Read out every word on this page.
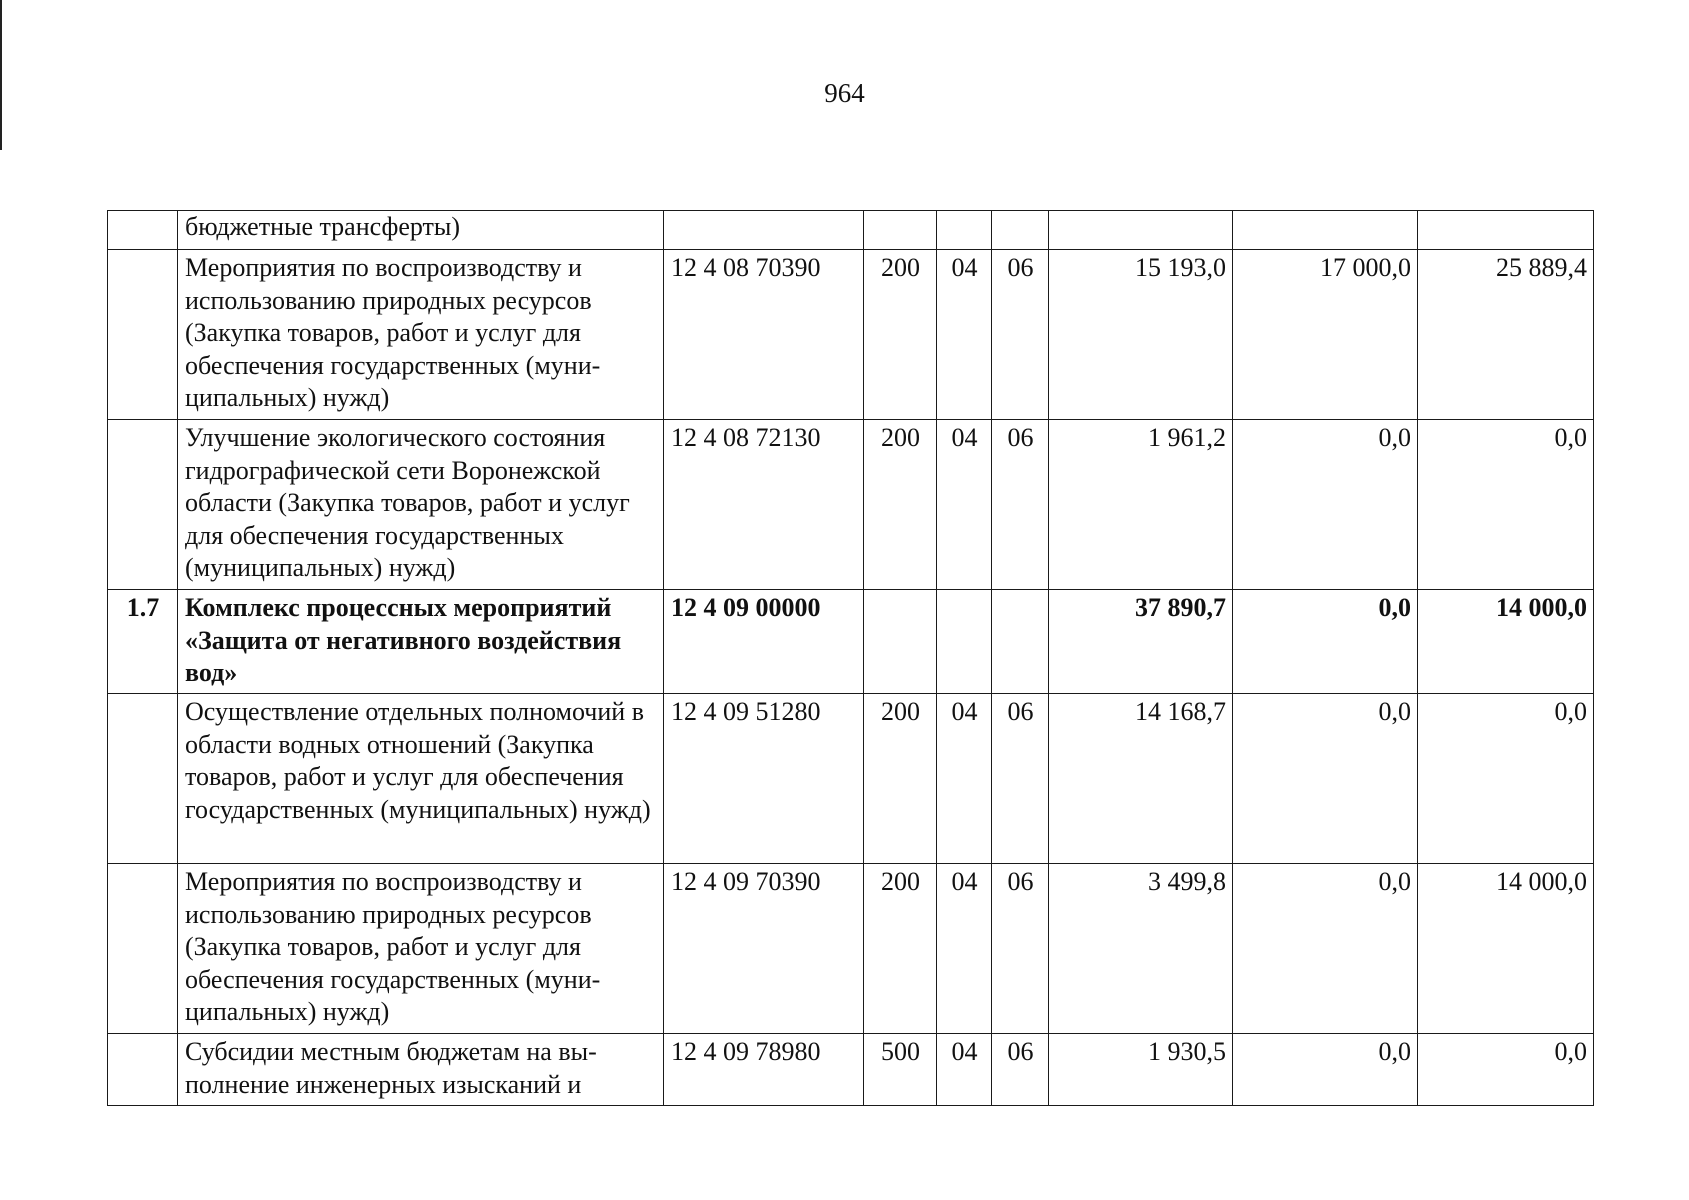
964
	бюджетные трансферты)							
	Мероприятия по воспроизводству и использованию природных ресурсов (Закупка товаров, работ и услуг для обеспечения государственных (муниципальных) нужд)	12 4 08 70390	200	04	06	15 193,0	17 000,0	25 889,4
	Улучшение экологического состояния гидрографической сети Воронежской области (Закупка товаров, работ и услуг для обеспечения государственных (муниципальных) нужд)	12 4 08 72130	200	04	06	1 961,2	0,0	0,0
1.7	Комплекс процессных мероприятий «Защита от негативного воздействия вод»	12 4 09 00000				37 890,7	0,0	14 000,0
	Осуществление отдельных полномочий в области водных отношений (Закупка товаров, работ и услуг для обеспечения государственных (муниципальных) нужд)	12 4 09 51280	200	04	06	14 168,7	0,0	0,0
	Мероприятия по воспроизводству и использованию природных ресурсов (Закупка товаров, работ и услуг для обеспечения государственных (муниципальных) нужд)	12 4 09 70390	200	04	06	3 499,8	0,0	14 000,0
	Субсидии местным бюджетам на выполнение инженерных изысканий и	12 4 09 78980	500	04	06	1 930,5	0,0	0,0
